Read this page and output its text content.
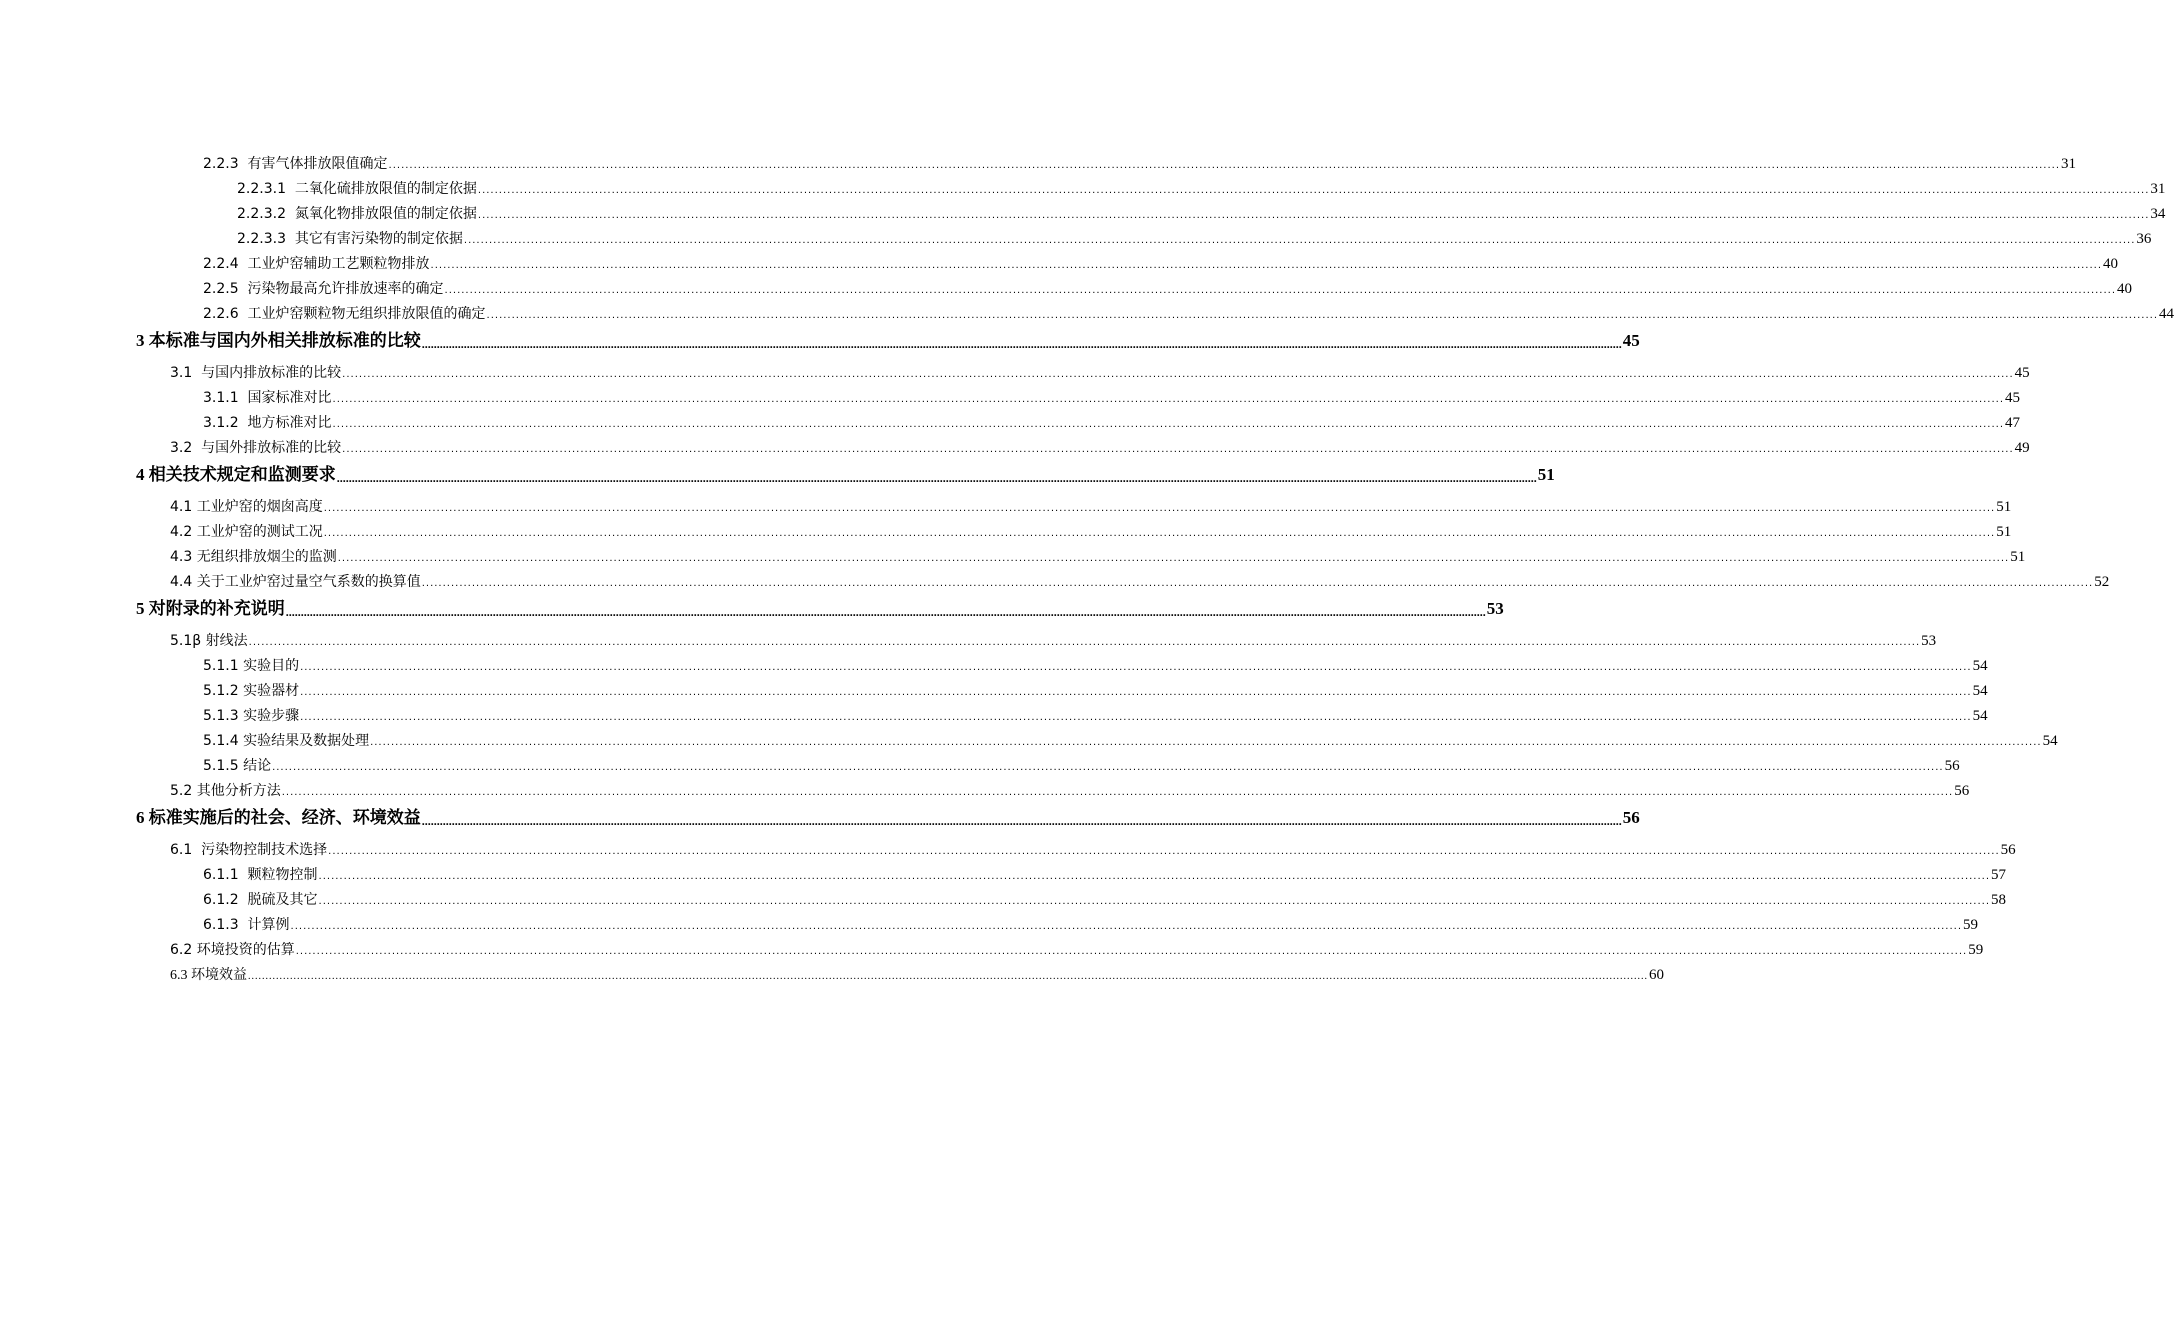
2.2.3  有害气体排放限值确定 ................................................................................................................................................................................................................................................................................................................................................................................................................ 31
2.2.3.1  二氧化硫排放限值的制定依据 ................................................................................................................................................................................................................................................................................................................................................................................................................ 31
2.2.3.2  氮氧化物排放限值的制定依据 ................................................................................................................................................................................................................................................................................................................................................................................................................ 34
2.2.3.3  其它有害污染物的制定依据 ................................................................................................................................................................................................................................................................................................................................................................................................................ 36
2.2.4  工业炉窑辅助工艺颗粒物排放 ................................................................................................................................................................................................................................................................................................................................................................................................................ 40
2.2.5  污染物最高允许排放速率的确定 ................................................................................................................................................................................................................................................................................................................................................................................................................ 40
2.2.6  工业炉窑颗粒物无组织排放限值的确定 ................................................................................................................................................................................................................................................................................................................................................................................................................ 44
3 本标准与国内外相关排放标准的比较 ................................................................................................................................................................................................................................................................................................................................................................................................................ 45
3.1  与国内排放标准的比较 ................................................................................................................................................................................................................................................................................................................................................................................................................ 45
3.1.1  国家标准对比 ................................................................................................................................................................................................................................................................................................................................................................................................................ 45
3.1.2  地方标准对比 ................................................................................................................................................................................................................................................................................................................................................................................................................ 47
3.2  与国外排放标准的比较 ................................................................................................................................................................................................................................................................................................................................................................................................................ 49
4 相关技术规定和监测要求 ................................................................................................................................................................................................................................................................................................................................................................................................................ 51
4.1 工业炉窑的烟囱高度 ................................................................................................................................................................................................................................................................................................................................................................................................................ 51
4.2 工业炉窑的测试工况 ................................................................................................................................................................................................................................................................................................................................................................................................................ 51
4.3 无组织排放烟尘的监测 ................................................................................................................................................................................................................................................................................................................................................................................................................ 51
4.4 关于工业炉窑过量空气系数的换算值 ................................................................................................................................................................................................................................................................................................................................................................................................................ 52
5 对附录的补充说明 ................................................................................................................................................................................................................................................................................................................................................................................................................ 53
5.1β 射线法 ................................................................................................................................................................................................................................................................................................................................................................................................................ 53
5.1.1 实验目的 ................................................................................................................................................................................................................................................................................................................................................................................................................ 54
5.1.2 实验器材 ................................................................................................................................................................................................................................................................................................................................................................................................................ 54
5.1.3 实验步骤 ................................................................................................................................................................................................................................................................................................................................................................................................................ 54
5.1.4 实验结果及数据处理 ................................................................................................................................................................................................................................................................................................................................................................................................................ 54
5.1.5 结论 ................................................................................................................................................................................................................................................................................................................................................................................................................ 56
5.2 其他分析方法 ................................................................................................................................................................................................................................................................................................................................................................................................................ 56
6 标准实施后的社会、经济、环境效益 ................................................................................................................................................................................................................................................................................................................................................................................................................ 56
6.1  污染物控制技术选择 ................................................................................................................................................................................................................................................................................................................................................................................................................ 56
6.1.1  颗粒物控制 ................................................................................................................................................................................................................................................................................................................................................................................................................ 57
6.1.2  脱硫及其它 ................................................................................................................................................................................................................................................................................................................................................................................................................ 58
6.1.3  计算例 ................................................................................................................................................................................................................................................................................................................................................................................................................ 59
6.2 环境投资的估算 ................................................................................................................................................................................................................................................................................................................................................................................................................ 59
6.3 环境效益 ................................................................................................................................................................................................................................................................................................................................................................................................................ 60
